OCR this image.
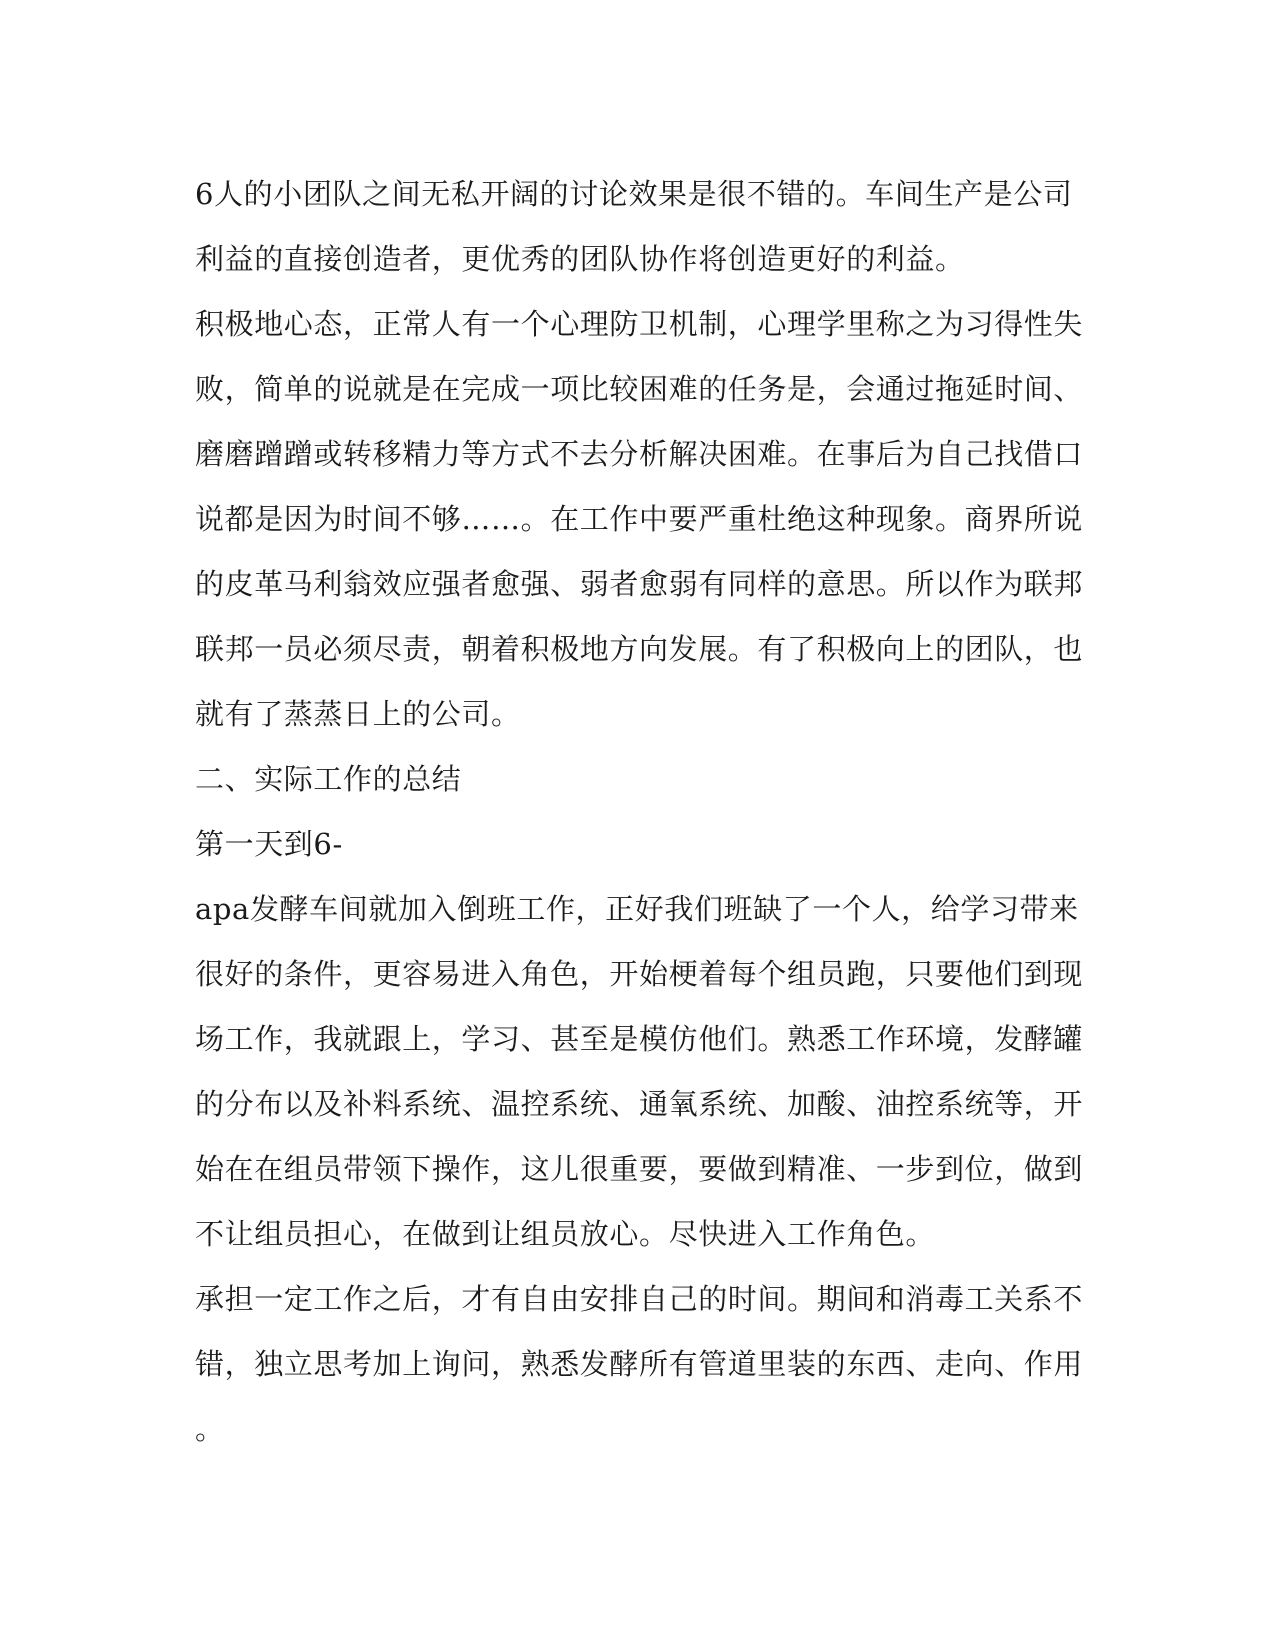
6人的小团队之间无私开阔的讨论效果是很不错的。车间生产是公司
利益的直接创造者，更优秀的团队协作将创造更好的利益。
积极地心态，正常人有一个心理防卫机制，心理学里称之为习得性失
败，简单的说就是在完成一项比较困难的任务是，会通过拖延时间、
磨磨蹭蹭或转移精力等方式不去分析解决困难。在事后为自己找借口
说都是因为时间不够……。在工作中要严重杜绝这种现象。商界所说
的皮革马利翁效应强者愈强、弱者愈弱有同样的意思。所以作为联邦
联邦一员必须尽责，朝着积极地方向发展。有了积极向上的团队，也
就有了蒸蒸日上的公司。
二、实际工作的总结
第一天到6-
apa发酵车间就加入倒班工作，正好我们班缺了一个人，给学习带来
很好的条件，更容易进入角色，开始梗着每个组员跑，只要他们到现
场工作，我就跟上，学习、甚至是模仿他们。熟悉工作环境，发酵罐
的分布以及补料系统、温控系统、通氧系统、加酸、油控系统等，开
始在在组员带领下操作，这儿很重要，要做到精准、一步到位，做到
不让组员担心，在做到让组员放心。尽快进入工作角色。
承担一定工作之后，才有自由安排自己的时间。期间和消毒工关系不
错，独立思考加上询问，熟悉发酵所有管道里装的东西、走向、作用
。
